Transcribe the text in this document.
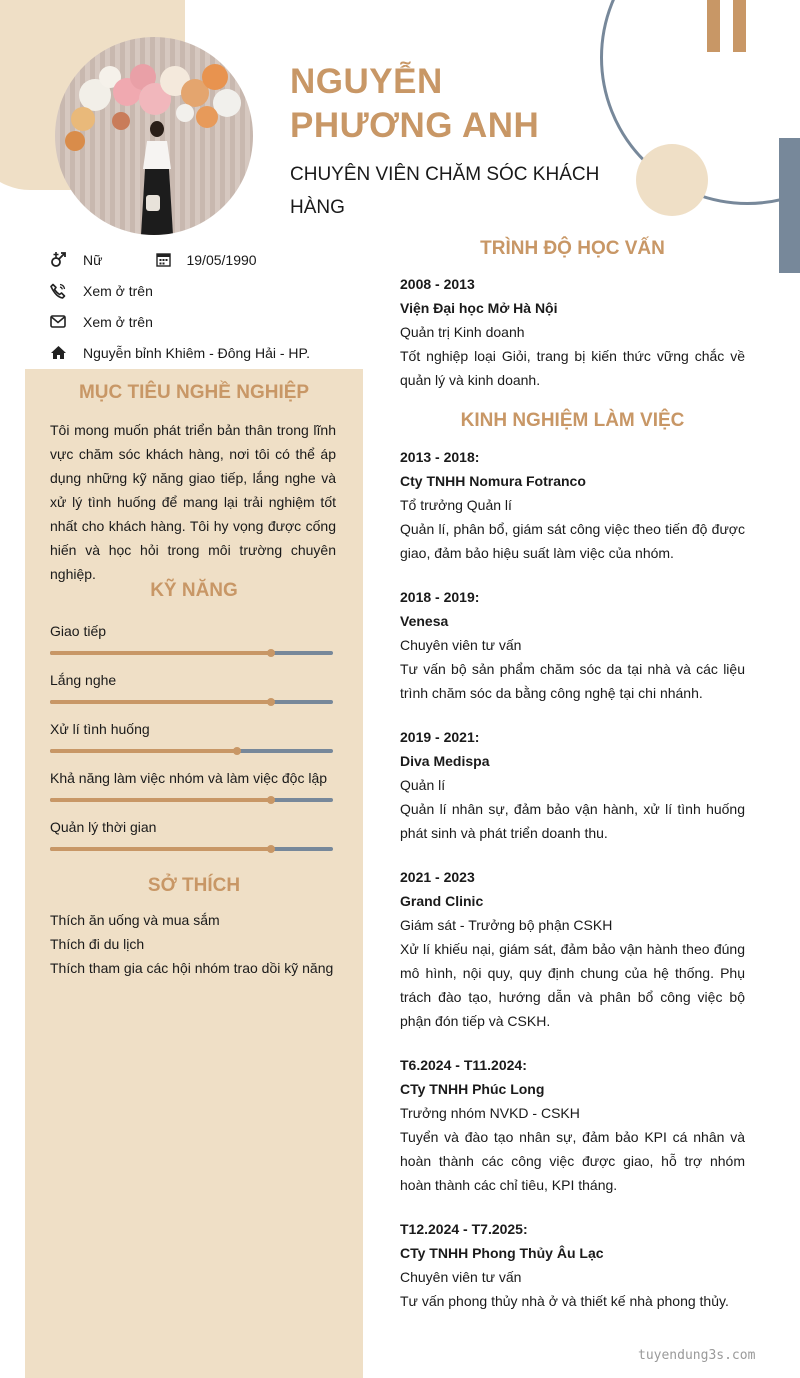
NGUYỄN PHƯƠNG ANH
CHUYÊN VIÊN CHĂM SÓC KHÁCH HÀNG
Nữ	19/05/1990
Xem ở trên
Xem ở trên
Nguyễn bỉnh Khiêm - Đông Hải - HP.
MỤC TIÊU NGHỀ NGHIỆP
Tôi mong muốn phát triển bản thân trong lĩnh vực chăm sóc khách hàng, nơi tôi có thể áp dụng những kỹ năng giao tiếp, lắng nghe và xử lý tình huống để mang lại trải nghiệm tốt nhất cho khách hàng. Tôi hy vọng được cống hiến và học hỏi trong môi trường chuyên nghiệp.
KỸ NĂNG
Giao tiếp
Lắng nghe
Xử lí tình huống
Khả năng làm việc nhóm và làm việc độc lập
Quản lý thời gian
SỞ THÍCH
Thích ăn uống và mua sắm
Thích đi du lịch
Thích tham gia các hội nhóm trao dồi kỹ năng
TRÌNH ĐỘ HỌC VẤN
2008 - 2013
Viện Đại học Mở Hà Nội
Quản trị Kinh doanh
Tốt nghiệp loại Giỏi, trang bị kiến thức vững chắc về quản lý và kinh doanh.
KINH NGHIỆM LÀM VIỆC
2013 - 2018:
Cty TNHH Nomura Fotranco
Tổ trưởng Quản lí
Quản lí, phân bổ, giám sát công việc theo tiến độ được giao, đảm bảo hiệu suất làm việc của nhóm.
2018 - 2019:
Venesa
Chuyên viên tư vấn
Tư vấn bộ sản phẩm chăm sóc da tại nhà và các liệu trình chăm sóc da bằng công nghệ tại chi nhánh.
2019 - 2021:
Diva Medispa
Quản lí
Quản lí nhân sự, đảm bảo vận hành, xử lí tình huống phát sinh và phát triển doanh thu.
2021 - 2023
Grand Clinic
Giám sát - Trưởng bộ phận CSKH
Xử lí khiếu nại, giám sát, đảm bảo vận hành theo đúng mô hình, nội quy, quy định chung của hệ thống. Phụ trách đào tạo, hướng dẫn và phân bổ công việc bộ phận đón tiếp và CSKH.
T6.2024 - T11.2024:
CTy TNHH Phúc Long
Trưởng nhóm NVKD - CSKH
Tuyển và đào tạo nhân sự, đảm bảo KPI cá nhân và hoàn thành các công việc được giao, hỗ trợ nhóm hoàn thành các chỉ tiêu, KPI tháng.
T12.2024 - T7.2025:
CTy TNHH Phong Thủy Âu Lạc
Chuyên viên tư vấn
Tư vấn phong thủy nhà ở và thiết kế nhà phong thủy.
tuyendung3s.com
